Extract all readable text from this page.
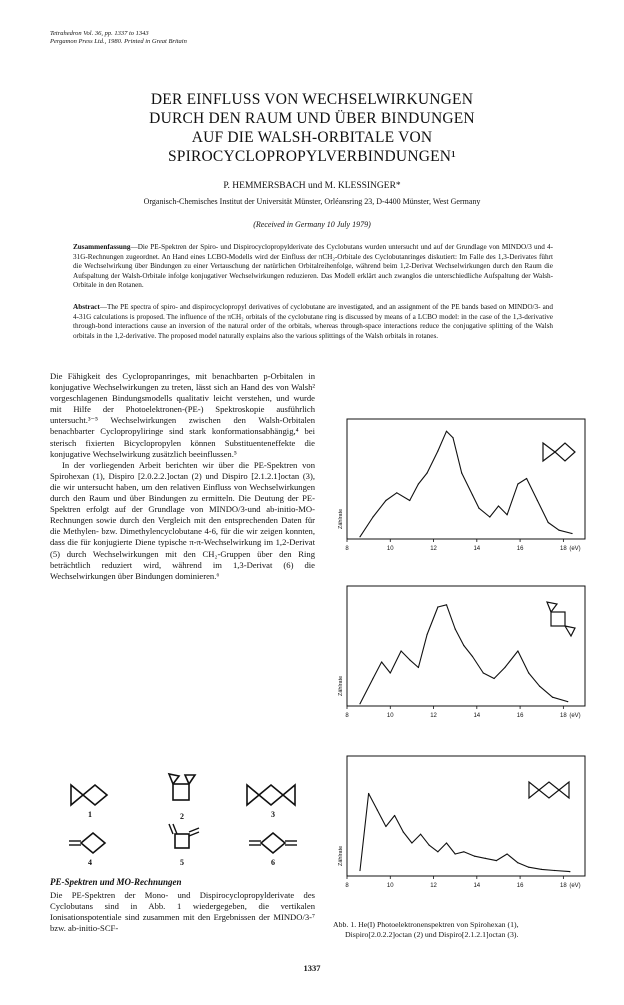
Tetrahedron Vol. 36, pp. 1337 to 1343
Pergamon Press Ltd., 1980. Printed in Great Britain
DER EINFLUSS VON WECHSELWIRKUNGEN
DURCH DEN RAUM UND ÜBER BINDUNGEN
AUF DIE WALSH-ORBITALE VON
SPIROCYCLOPROPYLVERBINDUNGEN¹
P. HEMMERSBACH und M. KLESSINGER*
Organisch-Chemisches Institut der Universität Münster, Orléansring 23, D-4400 Münster, West Germany
(Received in Germany 10 July 1979)
Zusammenfassung—Die PE-Spektren der Spiro- und Dispirocyclopropylderivate des Cyclobutans wurden untersucht und auf der Grundlage von MINDO/3 und 4-31G-Rechnungen zugeordnet. An Hand eines LCBO-Modells wird der Einfluss der πCH₂-Orbitale des Cyclobutanringes diskutiert: Im Falle des 1,3-Derivates führt die Wechselwirkung über Bindungen zu einer Vertauschung der natürlichen Orbitalreihenfolge, während beim 1,2-Derivat Wechselwirkungen durch den Raum die Aufspaltung der Walsh-Orbitale infolge konjugativer Wechselwirkungen reduzieren. Das Modell erklärt auch zwanglos die unterschiedliche Aufspaltung der Walsh-Orbitale in den Rotanen.
Abstract—The PE spectra of spiro- and dispirocyclopropyl derivatives of cyclobutane are investigated, and an assignment of the PE bands based on MINDO/3- and 4-31G calculations is proposed. The influence of the πCH₂ orbitals of the cyclobutane ring is discussed by means of a LCBO model: in the case of the 1,3-derivative through-bond interactions cause an inversion of the natural order of the orbitals, whereas through-space interactions reduce the conjugative splitting of the Walsh orbitals in the 1,2-derivative. The proposed model naturally explains also the various splittings of the Walsh orbitals in rotanes.

Die Fähigkeit des Cyclopropanringes, mit benachbarten p-Orbitalen in konjugative Wechselwirkungen zu treten, lässt sich an Hand des von Walsh² vorgeschlagenen Bindungsmodells qualitativ leicht verstehen, und wurde mit Hilfe der Photoelektronen-(PE-) Spektroskopie ausführlich untersucht.³⁻⁵ Wechselwirkungen zwischen den Walsh-Orbitalen benachbarter Cyclopropyliringe sind stark konformationsabhängig,⁴ bei sterisch fixierten Bicyclopropylen können Substituenteneffekte die konjugative Wechselwirkung zusätzlich beeinflussen.⁵

In der vorliegenden Arbeit berichten wir über die PE-Spektren von Spirohexan (1), Dispiro [2.0.2.2.]octan (2) und Dispiro [2.1.2.1]octan (3), die wir untersucht haben, um den relativen Einfluss von Wechselwirkungen durch den Raum und über Bindungen zu ermitteln. Die Deutung der PE-Spektren erfolgt auf der Grundlage von MINDO/3-und ab-initio-MO-Rechnungen sowie durch den Vergleich mit den entsprechenden Daten für die Methylen- bzw. Dimethylencyclobutane 4-6, für die wir zeigen konnten, dass die für konjugierte Diene typische π-π-Wechselwirkung im 1,2-Derivat (5) durch Wechselwirkungen mit den CH₂-Gruppen über den Ring beträchtlich reduziert wird, während im 1,3-Derivat (6) die Wechselwirkungen über Bindungen dominieren.⁶

1	2	3
4	5	6
PE-Spektren und MO-Rechnungen
Die PE-Spektren der Mono- und Dispirocyclopropylderivate des Cyclobutans sind in Abb. 1 wiedergegeben, die vertikalen Ionisationspotentiale sind zusammen mit den Ergebnissen der MINDO/3-⁷ bzw. ab-initio-SCF-
Zählrate
8	10	12	14	16	18 (eV)
Zählrate
8	10	12	14	16	18 (eV)
Zählrate
8	10	12	14	16	18 (eV)
Abb. 1. He(I) Photoelektronenspektren von Spirohexan (1),
Dispiro[2.0.2.2]octan (2) und Dispiro[2.1.2.1]octan (3).
1337
